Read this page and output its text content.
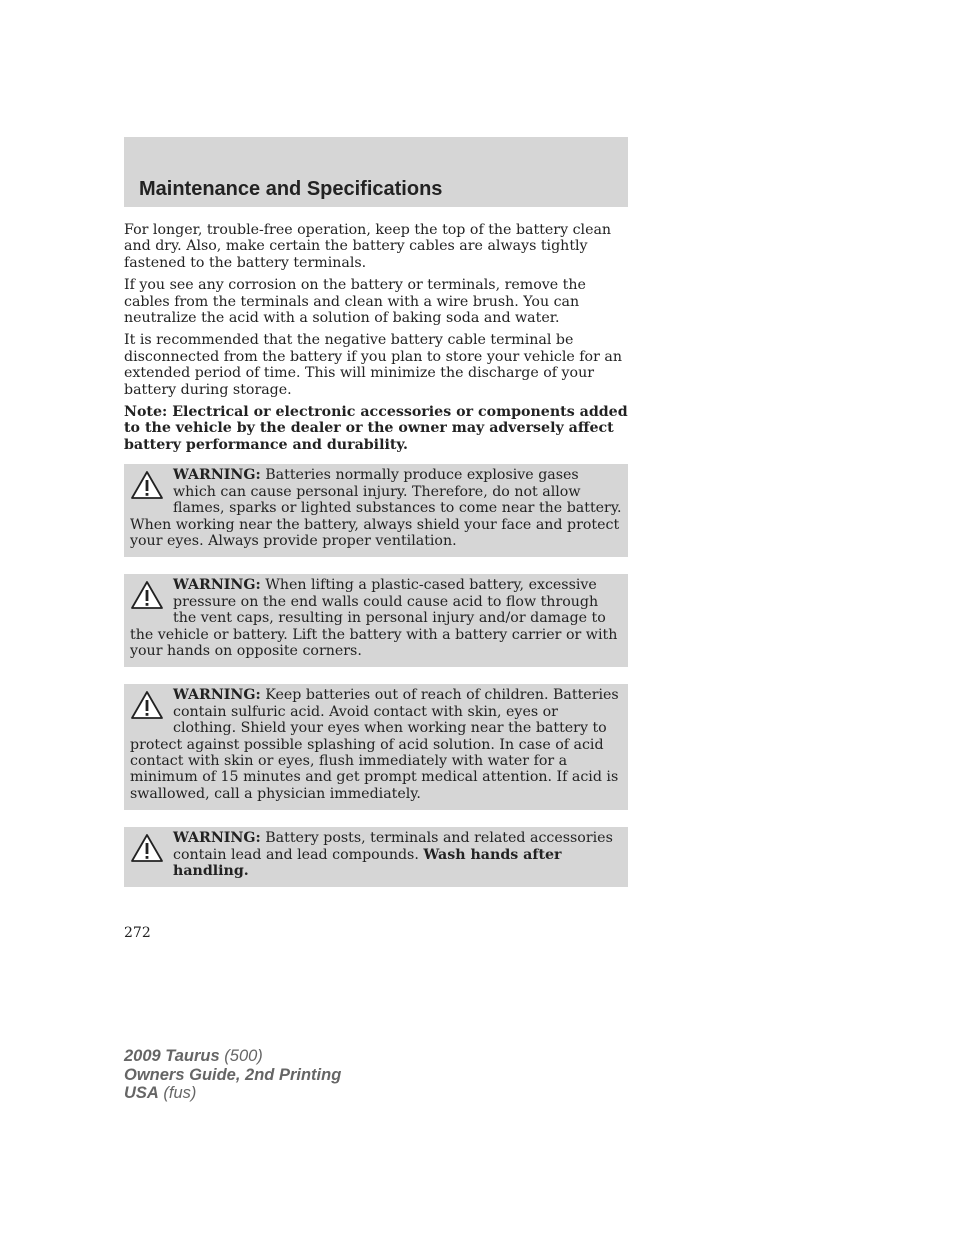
Maintenance and Specifications

For longer, trouble-free operation, keep the top of the battery clean and dry. Also, make certain the battery cables are always tightly fastened to the battery terminals.

If you see any corrosion on the battery or terminals, remove the cables from the terminals and clean with a wire brush. You can neutralize the acid with a solution of baking soda and water.

It is recommended that the negative battery cable terminal be disconnected from the battery if you plan to store your vehicle for an extended period of time. This will minimize the discharge of your battery during storage.

Note: Electrical or electronic accessories or components added to the vehicle by the dealer or the owner may adversely affect battery performance and durability.

WARNING: Batteries normally produce explosive gases which can cause personal injury. Therefore, do not allow flames, sparks or lighted substances to come near the battery. When working near the battery, always shield your face and protect your eyes. Always provide proper ventilation.
WARNING: When lifting a plastic-cased battery, excessive pressure on the end walls could cause acid to flow through the vent caps, resulting in personal injury and/or damage to the vehicle or battery. Lift the battery with a battery carrier or with your hands on opposite corners.
WARNING: Keep batteries out of reach of children. Batteries contain sulfuric acid. Avoid contact with skin, eyes or clothing. Shield your eyes when working near the battery to protect against possible splashing of acid solution. In case of acid contact with skin or eyes, flush immediately with water for a minimum of 15 minutes and get prompt medical attention. If acid is swallowed, call a physician immediately.
WARNING: Battery posts, terminals and related accessories contain lead and lead compounds. Wash hands after handling.
272
2009 Taurus (500)
Owners Guide, 2nd Printing
USA (fus)
